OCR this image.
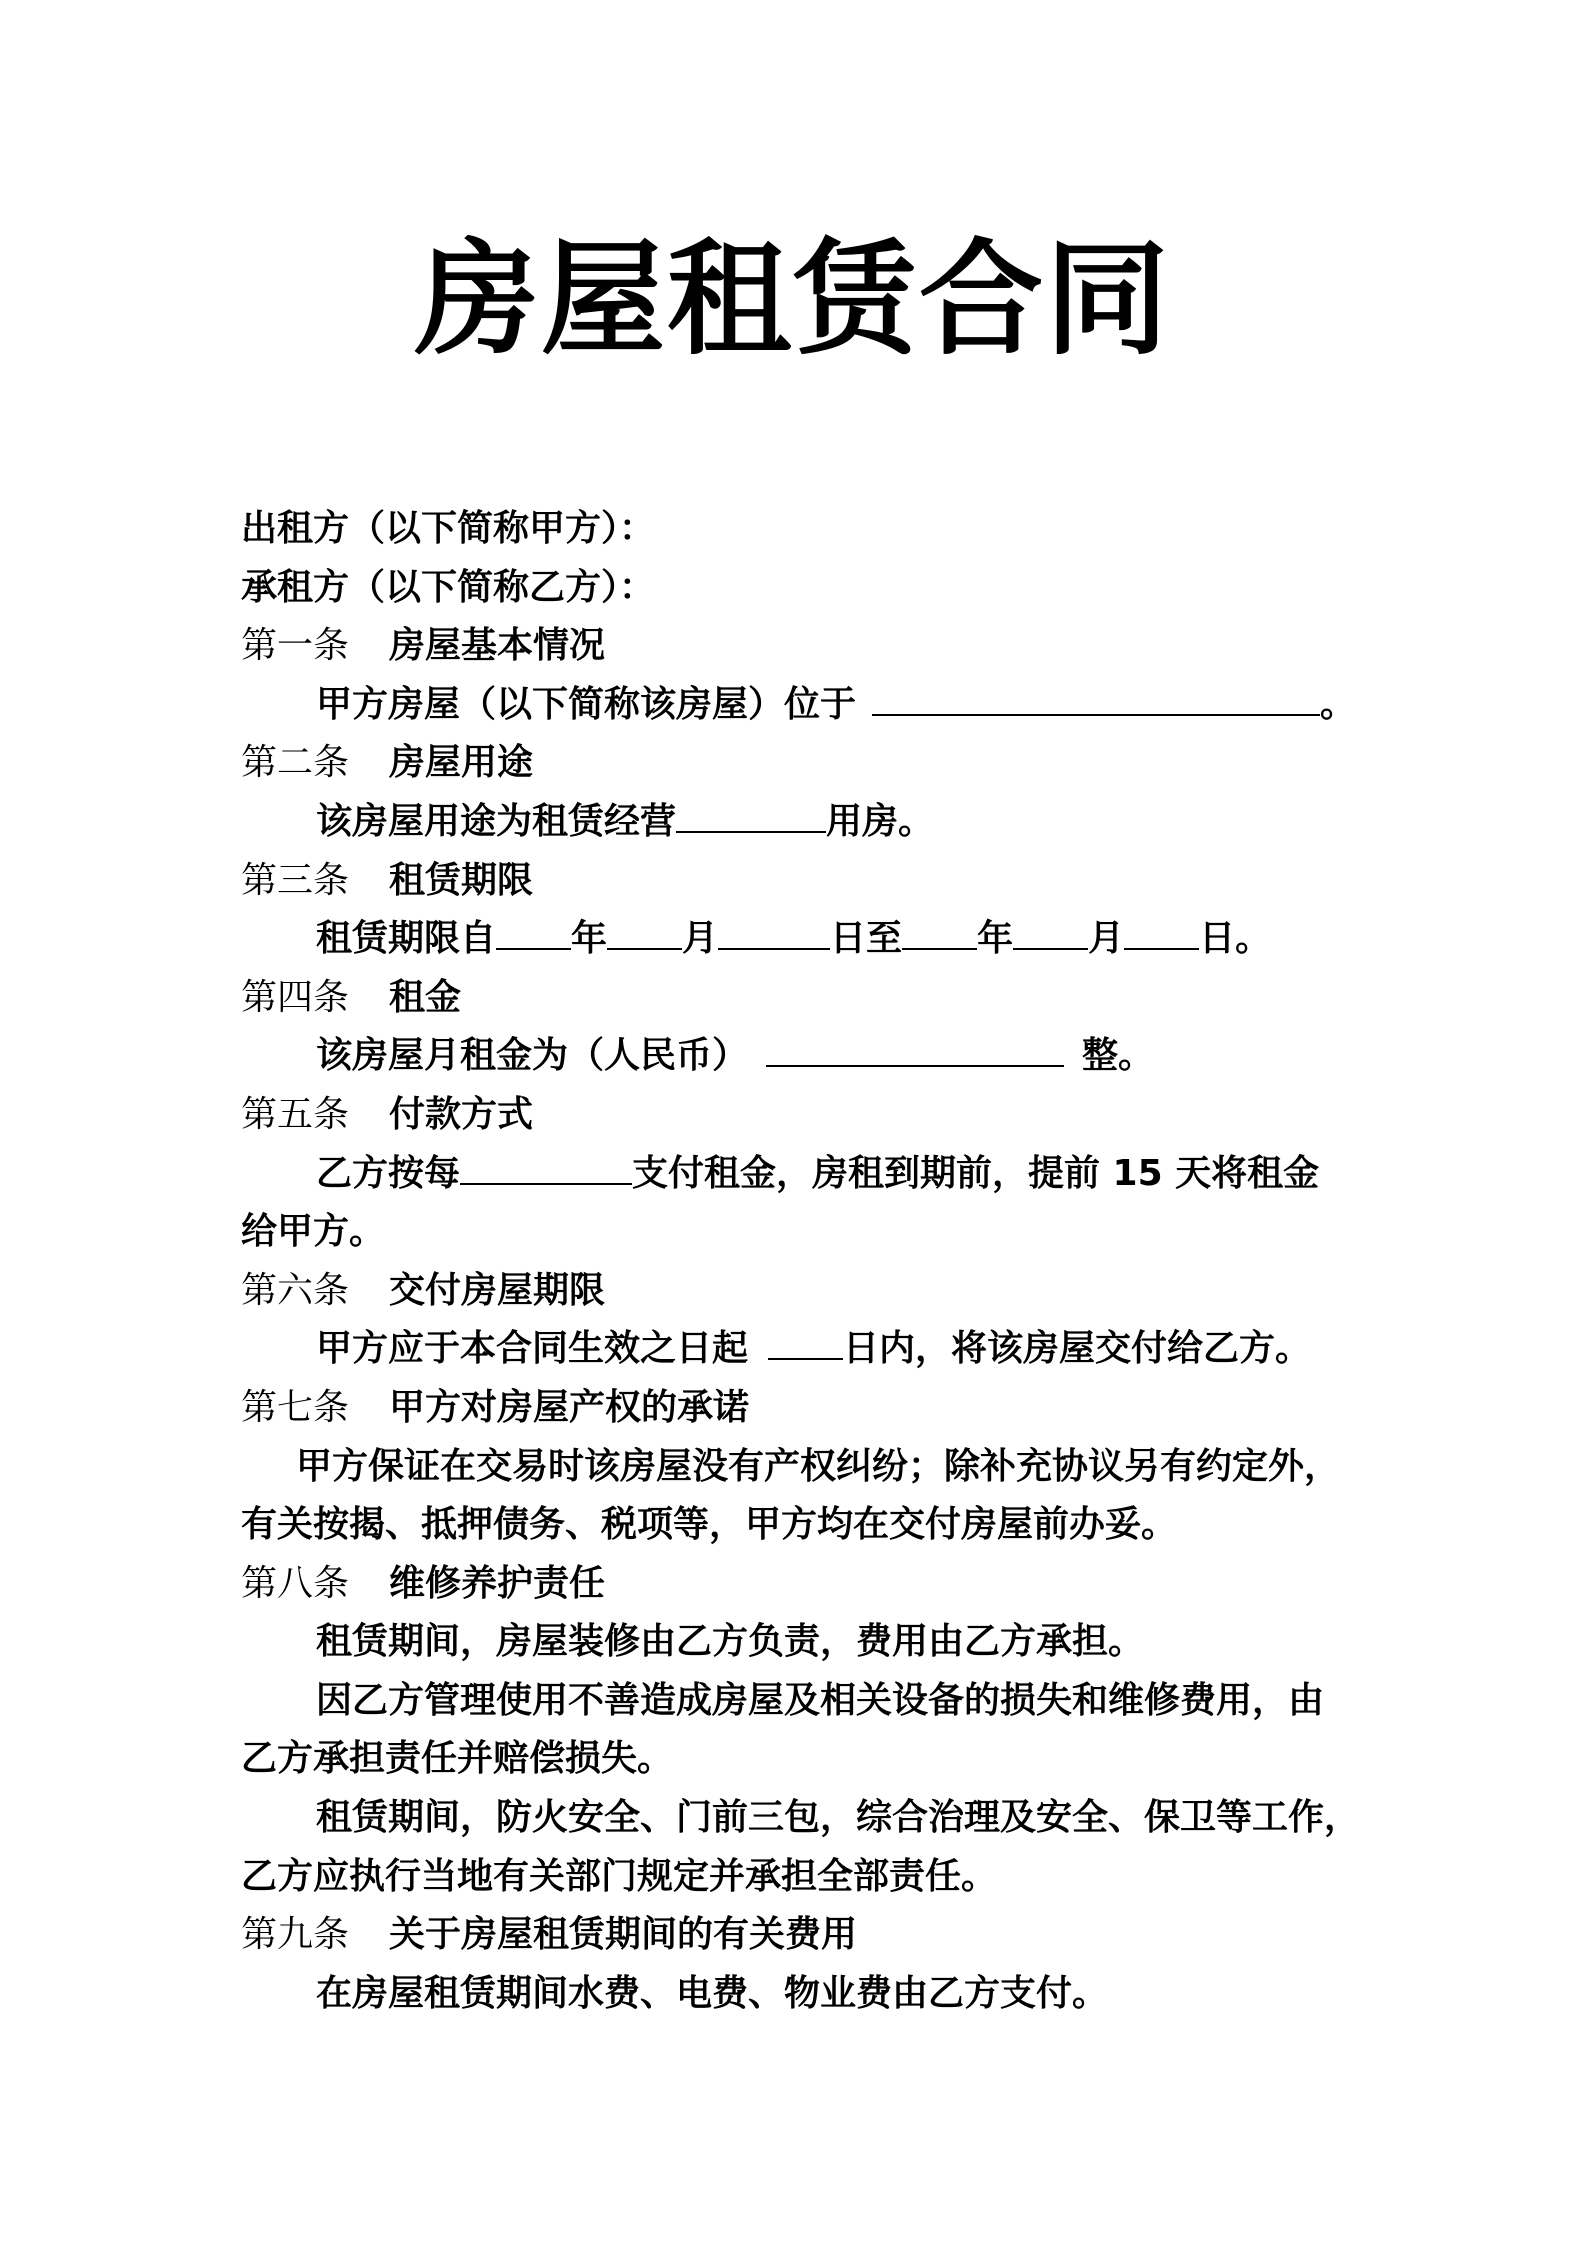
房屋租赁合同
出租方（以下简称甲方）：
承租方（以下简称乙方）：
第一条 房屋基本情况
甲方房屋（以下简称该房屋）位于	。
第二条 房屋用途
该房屋用途为租赁经营	用房。
第三条 租赁期限
租赁期限自 年 月	日至 年 月 日。
第四条 租金
该房屋月租金为（人民币）	整。
第五条 付款方式
乙方按每	支付租金，房租到期前，提前 15 天将租金
给甲方。
第六条 交付房屋期限
甲方应于本合同生效之日起	日内，将该房屋交付给乙方。
第七条 甲方对房屋产权的承诺
甲方保证在交易时该房屋没有产权纠纷；除补充协议另有约定外，
有关按揭、抵押债务、税项等，甲方均在交付房屋前办妥。
第八条 维修养护责任
租赁期间，房屋装修由乙方负责，费用由乙方承担。
因乙方管理使用不善造成房屋及相关设备的损失和维修费用，由
乙方承担责任并赔偿损失。
租赁期间，防火安全、门前三包，综合治理及安全、保卫等工作，
乙方应执行当地有关部门规定并承担全部责任。
第九条 关于房屋租赁期间的有关费用
在房屋租赁期间水费、电费、物业费由乙方支付。
